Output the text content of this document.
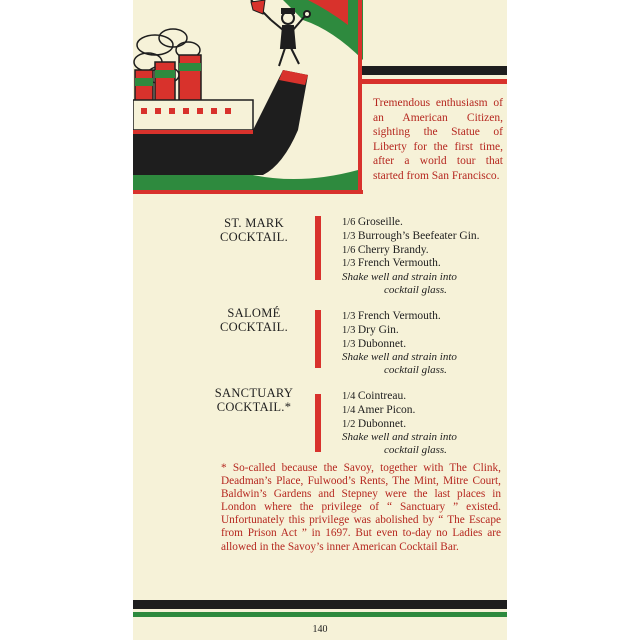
Tremendous enthusiasm of an American Citizen, sighting the Statue of Liberty for the first time, after a world tour that started from San Francisco.
ST. MARK
COCKTAIL.
1/6 Groseille.
1/3 Burrough’s Beefeater Gin.
1/6 Cherry Brandy.
1/3 French Vermouth.
Shake well and strain into
cocktail glass.
SALOMÉ
COCKTAIL.
1/3 French Vermouth.
1/3 Dry Gin.
1/3 Dubonnet.
Shake well and strain into
cocktail glass.
SANCTUARY
COCKTAIL.*
1/4 Cointreau.
1/4 Amer Picon.
1/2 Dubonnet.
Shake well and strain into
cocktail glass.
* So-called because the Savoy, together with The Clink, Deadman’s Place, Fulwood’s Rents, The Mint, Mitre Court, Baldwin’s Gardens and Stepney were the last places in London where the privilege of “ Sanctuary ” existed. Unfortunately this privilege was abolished by “ The Escape from Prison Act ” in 1697. But even to-day no Ladies are allowed in the Savoy’s inner American Cocktail Bar.
140
